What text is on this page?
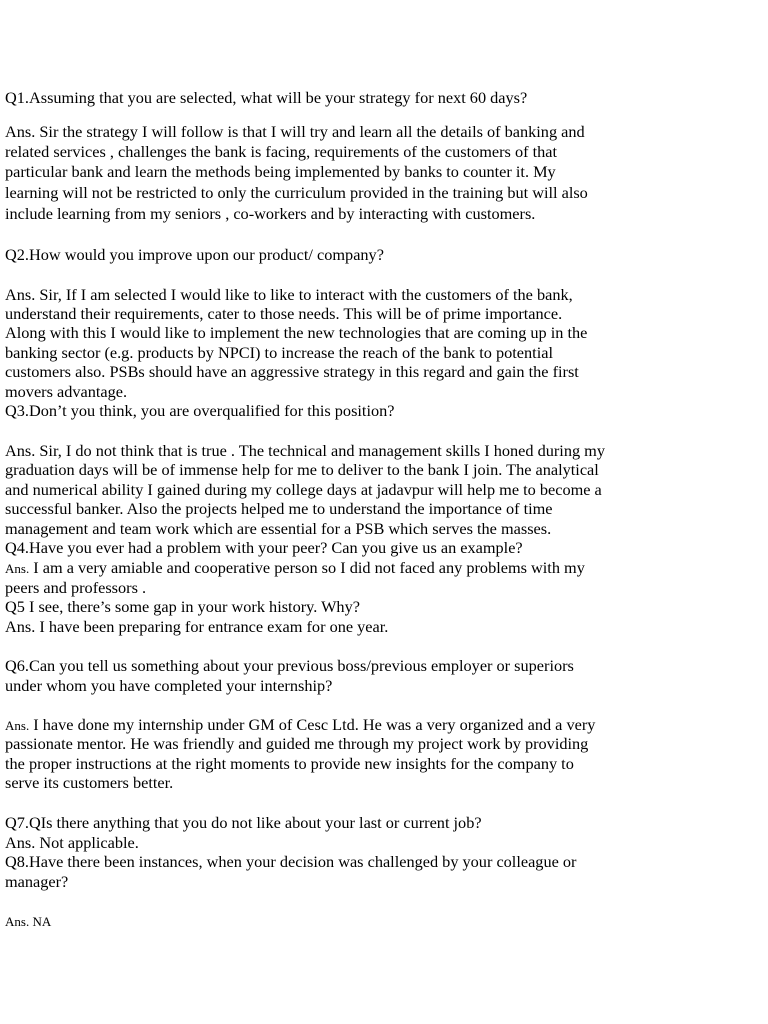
Q1.Assuming that you are selected, what will be your strategy for next 60 days?

Ans. Sir the strategy I will follow is that I will try and learn all the details of banking and

related services , challenges the bank is facing, requirements of the customers of that

particular bank and learn the methods being implemented by banks to counter it. My

learning will not be restricted to only the curriculum provided in the training but will also

include learning from my seniors , co-workers and by interacting with customers.

Q2.How would you improve upon our product/ company?

Ans. Sir, If I am selected I would like to like to interact with the customers of the bank,

understand their requirements, cater to those needs. This will be of prime importance.

Along with this I would like to implement the new technologies that are coming up in the

banking sector (e.g. products by NPCI) to increase the reach of the bank to potential

customers also. PSBs should have an aggressive strategy in this regard and gain the first

movers advantage.

Q3.Don’t you think, you are overqualified for this position?

Ans. Sir, I do not think that is true . The technical and management skills I honed during my

graduation days will be of immense help for me to deliver to the bank I join. The analytical

and numerical ability I gained during my college days at jadavpur will help me to become a

successful banker. Also the projects helped me to understand the importance of time

management and team work which are essential for a PSB which serves the masses.

Q4.Have you ever had a problem with your peer? Can you give us an example?

Ans. I am a very amiable and cooperative person so I did not faced any problems with my

peers and professors .

Q5 I see, there’s some gap in your work history. Why?

Ans. I have been preparing for entrance exam for one year.

Q6.Can you tell us something about your previous boss/previous employer or superiors

under whom you have completed your internship?

Ans. I have done my internship under GM of Cesc Ltd. He was a very organized and a very

passionate mentor. He was friendly and guided me through my project work by providing

the proper instructions at the right moments to provide new insights for the company to

serve its customers better.

Q7.QIs there anything that you do not like about your last or current job?

Ans. Not applicable.

Q8.Have there been instances, when your decision was challenged by your colleague or

manager?

Ans. NA
